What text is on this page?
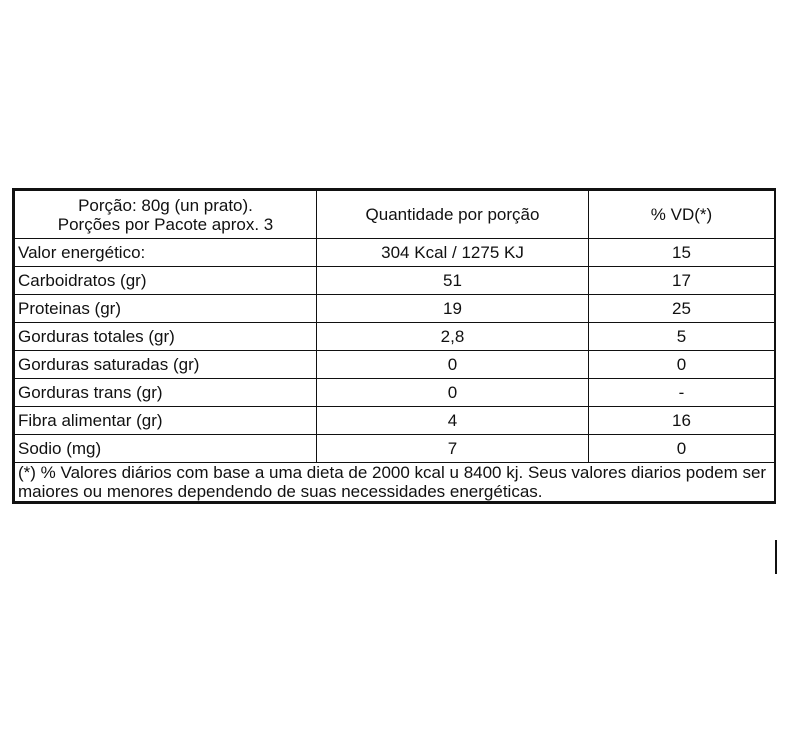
Porção: 80g (un prato).
Porções por Pacote aprox. 3	Quantidade por porção	% VD(*)
Valor energético:	304 Kcal / 1275 KJ	15
Carboidratos (gr)	51	17
Proteinas (gr)	19	25
Gorduras totales (gr)	2,8	5
Gorduras saturadas (gr)	0	0
Gorduras trans (gr)	0	-
Fibra alimentar (gr)	4	16
Sodio (mg)	7	0
(*) % Valores diários com base a uma dieta de 2000 kcal u 8400 kj. Seus valores diarios podem ser maiores ou menores dependendo de suas necessidades energéticas.		
